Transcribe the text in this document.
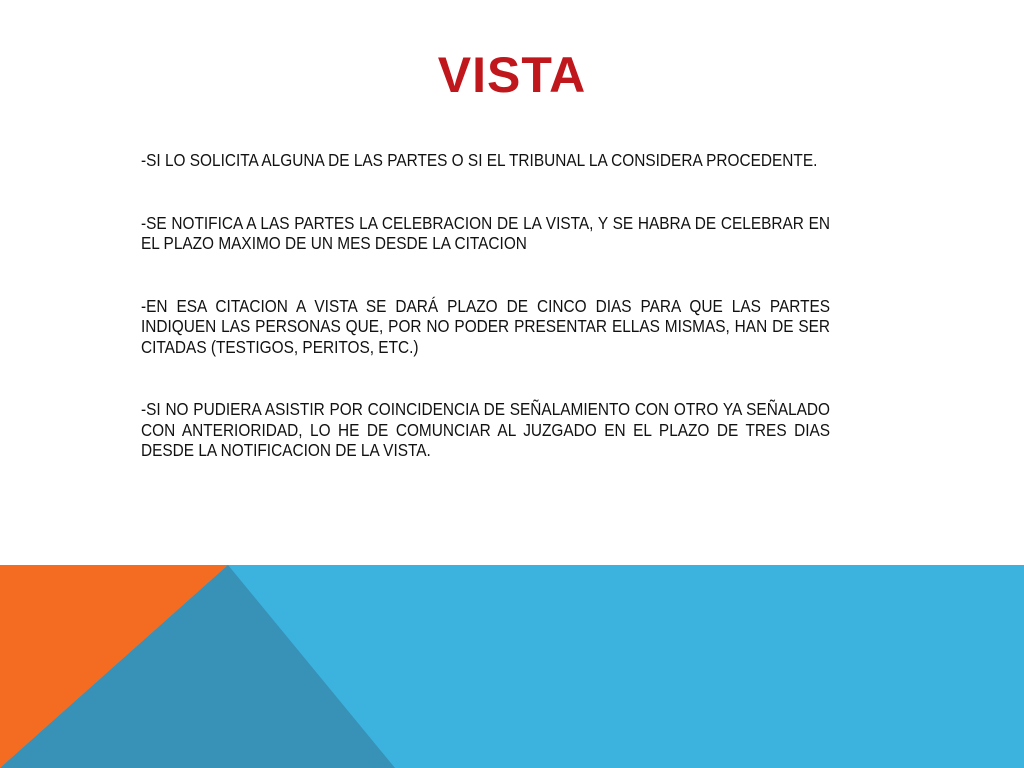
VISTA

-SI LO SOLICITA ALGUNA DE LAS PARTES O SI EL TRIBUNAL LA CONSIDERA PROCEDENTE.

-SE NOTIFICA A LAS PARTES LA CELEBRACION DE LA VISTA, Y SE HABRA DE CELEBRAR EN EL PLAZO MAXIMO DE UN MES DESDE LA CITACION

-EN ESA CITACION A VISTA SE DARÁ PLAZO DE CINCO DIAS PARA QUE LAS PARTES INDIQUEN LAS PERSONAS QUE, POR NO PODER PRESENTAR ELLAS MISMAS, HAN DE SER CITADAS (TESTIGOS, PERITOS, ETC.)

-SI NO PUDIERA ASISTIR POR COINCIDENCIA DE SEÑALAMIENTO CON OTRO YA SEÑALADO CON ANTERIORIDAD, LO HE DE COMUNCIAR AL JUZGADO EN EL PLAZO DE TRES DIAS DESDE LA NOTIFICACION DE LA VISTA.
